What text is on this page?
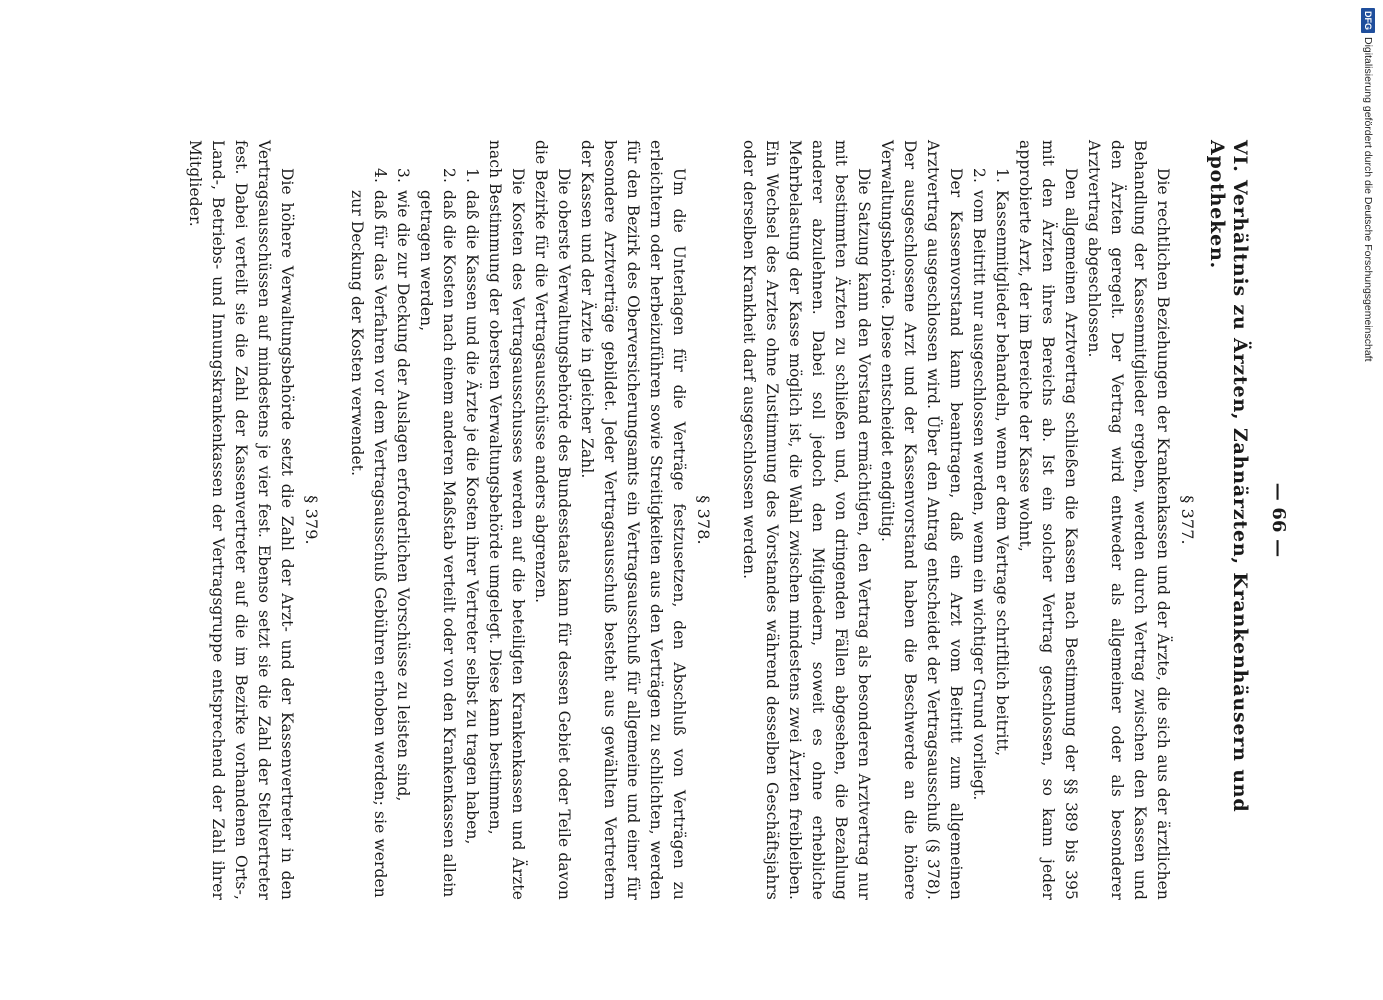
— 66 —
VI. Verhältnis zu Ärzten, Zahnärzten, Krankenhäusern und Apotheken.
§ 377.

Die rechtlichen Beziehungen der Krankenkassen und der Ärzte, die sich aus der ärztlichen Behandlung der Kassenmitglieder ergeben, werden durch Vertrag zwischen den Kassen und den Ärzten geregelt. Der Vertrag wird entweder als allgemeiner oder als besonderer Arztvertrag abgeschlossen.

Den allgemeinen Arztvertrag schließen die Kassen nach Bestimmung der §§ 389 bis 395 mit den Ärzten ihres Bereichs ab. Ist ein solcher Vertrag geschlossen, so kann jeder approbierte Arzt, der im Bereiche der Kasse wohnt,

1.
Kassenmitglieder behandeln, wenn er dem Vertrage schriftlich beitritt,
2.
vom Beitritt nur ausgeschlossen werden, wenn ein wichtiger Grund vorliegt.

Der Kassenvorstand kann beantragen, daß ein Arzt vom Beitritt zum allgemeinen Arztvertrag ausgeschlossen wird. Über den Antrag entscheidet der Vertragsausschuß (§ 378). Der ausgeschlossene Arzt und der Kassenvorstand haben die Beschwerde an die höhere Verwaltungsbehörde. Diese entscheidet endgültig.

Die Satzung kann den Vorstand ermächtigen, den Vertrag als besonderen Arztvertrag nur mit bestimmten Ärzten zu schließen und, von dringenden Fällen abgesehen, die Bezahlung anderer abzulehnen. Dabei soll jedoch den Mitgliedern, soweit es ohne erhebliche Mehrbelastung der Kasse möglich ist, die Wahl zwischen mindestens zwei Ärzten freibleiben. Ein Wechsel des Arztes ohne Zustimmung des Vorstandes während desselben Geschäftsjahrs oder derselben Krankheit darf ausgeschlossen werden.

§ 378.

Um die Unterlagen für die Verträge festzusetzen, den Abschluß von Verträgen zu erleichtern oder herbeizuführen sowie Streitigkeiten aus den Verträgen zu schlichten, werden für den Bezirk des Oberversicherungsamts ein Vertragsausschuß für allgemeine und einer für besondere Arztverträge gebildet. Jeder Vertragsausschuß besteht aus gewählten Vertretern der Kassen und der Ärzte in gleicher Zahl.

Die oberste Verwaltungsbehörde des Bundesstaats kann für dessen Gebiet oder Teile davon die Bezirke für die Vertragsausschüsse anders abgrenzen.

Die Kosten des Vertragsausschusses werden auf die beteiligten Krankenkassen und Ärzte nach Bestimmung der obersten Verwaltungsbehörde umgelegt. Diese kann bestimmen,

1.
daß die Kassen und die Ärzte je die Kosten ihrer Vertreter selbst zu tragen haben,
2.
daß die Kosten nach einem anderen Maßstab verteilt oder von den Krankenkassen allein getragen werden,
3.
wie die zur Deckung der Auslagen erforderlichen Vorschüsse zu leisten sind,
4.
daß für das Verfahren vor dem Vertragsausschuß Gebühren erhoben werden; sie werden zur Deckung der Kosten verwendet.
§ 379.

Die höhere Verwaltungsbehörde setzt die Zahl der Arzt- und der Kassenvertreter in den Vertragsausschüssen auf mindestens je vier fest. Ebenso setzt sie die Zahl der Stellvertreter fest. Dabei verteilt sie die Zahl der Kassenvertreter auf die im Bezirke vorhandenen Orts-, Land-, Betriebs- und Innungskrankenkassen der Vertragsgruppe entsprechend der Zahl ihrer Mitglieder.

DFG
Digitalisierung gefördert durch die Deutsche Forschungsgemeinschaft
